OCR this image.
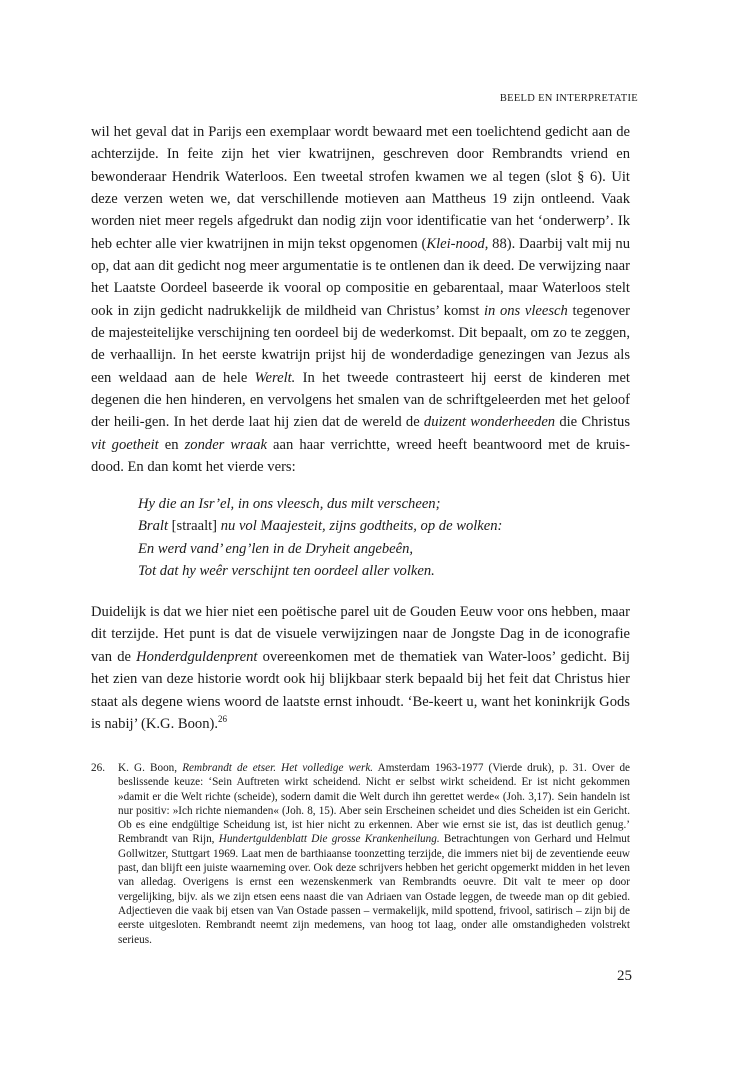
BEELD EN INTERPRETATIE
wil het geval dat in Parijs een exemplaar wordt bewaard met een toelichtend gedicht aan de achterzijde. In feite zijn het vier kwatrijnen, geschreven door Rembrandts vriend en bewonderaar Hendrik Waterloos. Een tweetal strofen kwamen we al tegen (slot § 6). Uit deze verzen weten we, dat verschillende motieven aan Mattheus 19 zijn ontleend. Vaak worden niet meer regels afgedrukt dan nodig zijn voor identificatie van het ‘onderwerp’. Ik heb echter alle vier kwatrijnen in mijn tekst opgenomen (Klei-nood, 88). Daarbij valt mij nu op, dat aan dit gedicht nog meer argumentatie is te ontlenen dan ik deed. De verwijzing naar het Laatste Oordeel baseerde ik vooral op compositie en gebarentaal, maar Waterloos stelt ook in zijn gedicht nadrukkelijk de mildheid van Christus’ komst in ons vleesch tegenover de majesteitelijke verschijning ten oordeel bij de wederkomst. Dit bepaalt, om zo te zeggen, de verhaallijn. In het eerste kwatrijn prijst hij de wonderdadige genezingen van Jezus als een weldaad aan de hele Werelt. In het tweede contrasteert hij eerst de kinderen met degenen die hen hinderen, en vervolgens het smalen van de schriftgeleerden met het geloof der heili-gen. In het derde laat hij zien dat de wereld de duizent wonderheeden die Christus vit goetheit en zonder wraak aan haar verrichtte, wreed heeft beantwoord met de kruis-dood. En dan komt het vierde vers:
Hy die an Isr’el, in ons vleesch, dus milt verscheen;
Bralt [straalt] nu vol Maajesteit, zijns godtheits, op de wolken:
En werd vand’ eng’len in de Dryheit angebeên,
Tot dat hy weêr verschijnt ten oordeel aller volken.
Duidelijk is dat we hier niet een poëtische parel uit de Gouden Eeuw voor ons hebben, maar dit terzijde. Het punt is dat de visuele verwijzingen naar de Jongste Dag in de iconografie van de Honderdguldenprent overeenkomen met de thematiek van Water-loos’ gedicht. Bij het zien van deze historie wordt ook hij blijkbaar sterk bepaald bij het feit dat Christus hier staat als degene wiens woord de laatste ernst inhoudt. ‘Be-keert u, want het koninkrijk Gods is nabij’ (K.G. Boon).$^{26}$
26. K. G. Boon, Rembrandt de etser. Het volledige werk. Amsterdam 1963-1977 (Vierde druk), p. 31. Over de beslissende keuze: ‘Sein Auftreten wirkt scheidend. Nicht er selbst wirkt scheidend. Er ist nicht gekommen »damit er die Welt richte (scheide), sodern damit die Welt durch ihn gerettet werde« (Joh. 3,17). Sein handeln ist nur positiv: »Ich richte niemanden« (Joh. 8, 15). Aber sein Erscheinen scheidet und dies Scheiden ist ein Gericht. Ob es eine endgültige Scheidung ist, ist hier nicht zu erkennen. Aber wie ernst sie ist, das ist deutlich genug.’ Rembrandt van Rijn, Hundertguldenblatt Die grosse Krankenheilung. Betrachtungen von Gerhard und Helmut Gollwitzer, Stuttgart 1969. Laat men de barthiaanse toonzetting terzijde, die immers niet bij de zeventiende eeuw past, dan blijft een juiste waarneming over. Ook deze schrijvers hebben het gericht opgemerkt midden in het leven van alledag. Overigens is ernst een wezenskenmerk van Rembrandts oeuvre. Dit valt te meer op door vergelijking, bijv. als we zijn etsen eens naast die van Adriaen van Ostade leggen, de tweede man op dit gebied. Adjectieven die vaak bij etsen van Van Ostade passen – vermakelijk, mild spottend, frivool, satirisch – zijn bij de eerste uitgesloten. Rembrandt neemt zijn medemens, van hoog tot laag, onder alle omstandigheden volstrekt serieus.
25
